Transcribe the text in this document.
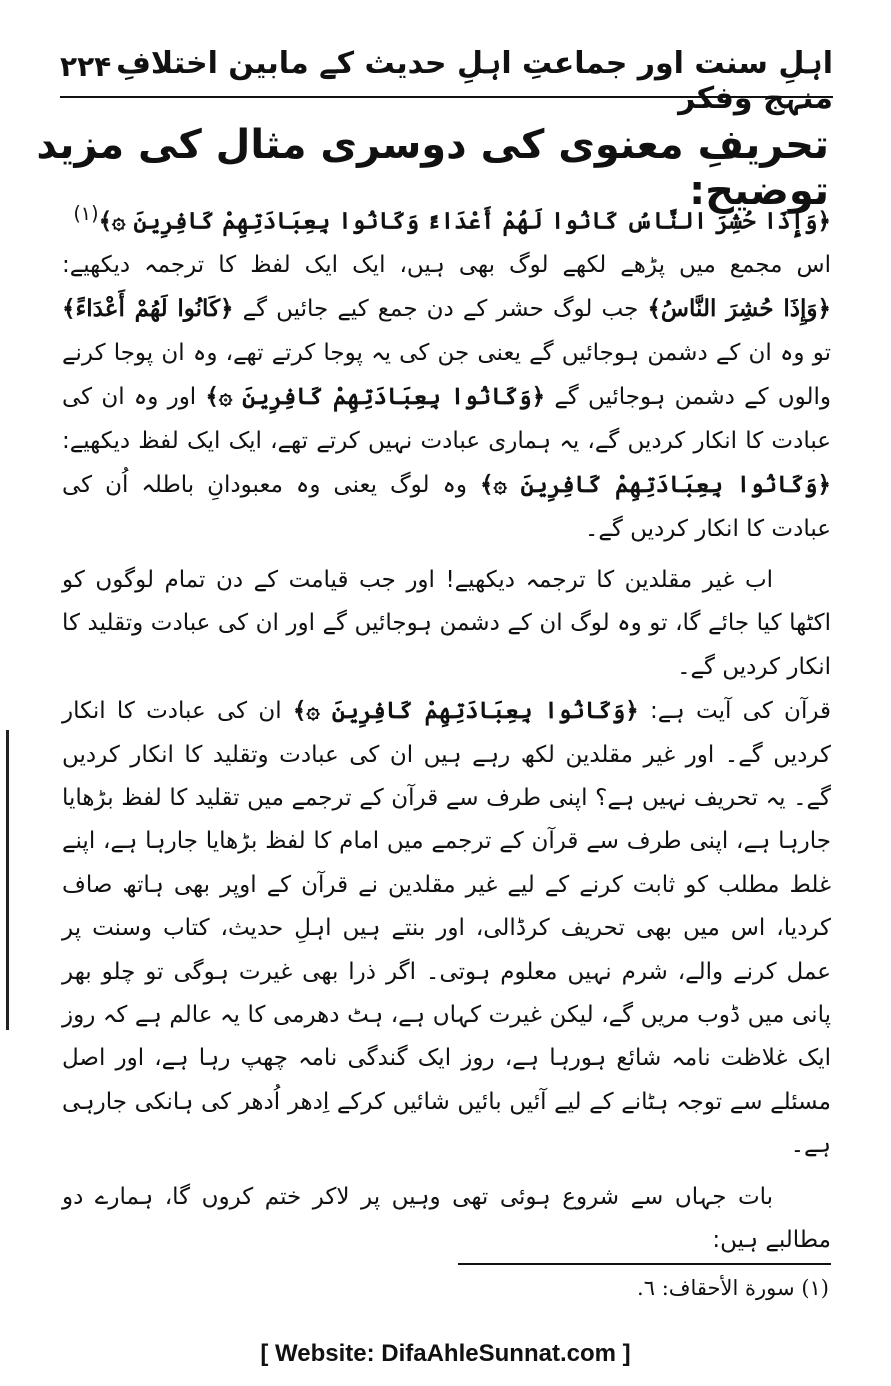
اہلِ سنت اور جماعتِ اہلِ حدیث کے مابین اختلافِ منہج وفکر
۲۲۴
تحریفِ معنوی کی دوسری مثال کی مزید توضیح:

﴿وَإِذَا حُشِرَ النَّاسُ كَانُوا لَهُمْ أَعْدَاءً وَكَانُوا بِعِبَادَتِهِمْ كَافِرِينَ ۞﴾$^{(۱)}$

اس مجمع میں پڑھے لکھے لوگ بھی ہیں، ایک ایک لفظ کا ترجمہ دیکھیے: ﴿وَإِذَا حُشِرَ النَّاسُ﴾ جب لوگ حشر کے دن جمع کیے جائیں گے ﴿كَانُوا لَهُمْ أَعْدَاءً﴾ تو وہ ان کے دشمن ہوجائیں گے یعنی جن کی یہ پوجا کرتے تھے، وہ ان پوجا کرنے والوں کے دشمن ہوجائیں گے ﴿وَكَانُوا بِعِبَادَتِهِمْ كَافِرِينَ ۞﴾ اور وہ ان کی عبادت کا انکار کردیں گے، یہ ہماری عبادت نہیں کرتے تھے، ایک ایک لفظ دیکھیے: ﴿وَكَانُوا بِعِبَادَتِهِمْ كَافِرِينَ ۞﴾ وہ لوگ یعنی وہ معبودانِ باطلہ اُن کی عبادت کا انکار کردیں گے۔

اب غیر مقلدین کا ترجمہ دیکھیے! اور جب قیامت کے دن تمام لوگوں کو اکٹھا کیا جائے گا، تو وہ لوگ ان کے دشمن ہوجائیں گے اور ان کی عبادت وتقلید کا انکار کردیں گے۔

قرآن کی آیت ہے: ﴿وَكَانُوا بِعِبَادَتِهِمْ كَافِرِينَ ۞﴾ ان کی عبادت کا انکار کردیں گے۔ اور غیر مقلدین لکھ رہے ہیں ان کی عبادت وتقلید کا انکار کردیں گے۔ یہ تحریف نہیں ہے؟ اپنی طرف سے قرآن کے ترجمے میں تقلید کا لفظ بڑھایا جارہا ہے، اپنی طرف سے قرآن کے ترجمے میں امام کا لفظ بڑھایا جارہا ہے، اپنے غلط مطلب کو ثابت کرنے کے لیے غیر مقلدین نے قرآن کے اوپر بھی ہاتھ صاف کردیا، اس میں بھی تحریف کرڈالی، اور بنتے ہیں اہلِ حدیث، کتاب وسنت پر عمل کرنے والے، شرم نہیں معلوم ہوتی۔ اگر ذرا بھی غیرت ہوگی تو چلو بھر پانی میں ڈوب مریں گے، لیکن غیرت کہاں ہے، ہٹ دھرمی کا یہ عالم ہے کہ روز ایک غلاظت نامہ شائع ہورہا ہے، روز ایک گندگی نامہ چھپ رہا ہے، اور اصل مسئلے سے توجہ ہٹانے کے لیے آئیں بائیں شائیں کرکے اِدھر اُدھر کی ہانکی جارہی ہے۔

بات جہاں سے شروع ہوئی تھی وہیں پر لاکر ختم کروں گا، ہمارے دو مطالبے ہیں:

(۱) سورة الأحقاف: ٦.
[ Website: DifaAhleSunnat.com ]
